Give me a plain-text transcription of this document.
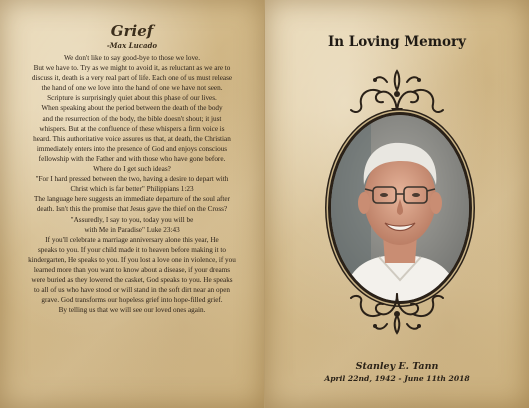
Grief
-Max Lucado
We don't like to say good-bye to those we love.
But we have to. Try as we might to avoid it, as reluctant as we are to
discuss it, death is a very real part of life. Each one of us must release
the hand of one we love into the hand of one we have not seen.
Scripture is surprisingly quiet about this phase of our lives.
When speaking about the period between the death of the body
and the resurrection of the body, the bible doesn't shout; it just
whispers. But at the confluence of these whispers a firm voice is
heard. This authoritative voice assures us that, at death, the Christian
immediately enters into the presence of God and enjoys conscious
fellowship with the Father and with those who have gone before.
Where do I get such ideas?
"For I hard pressed between the two, having a desire to depart with
Christ which is far better" Philippians 1:23
The language here suggests an immediate departure of the soul after
death. Isn't this the promise that Jesus gave the thief on the Cross?
"Assuredly, I say to you, today you will be
with Me in Paradise" Luke 23:43
If you'll celebrate a marriage anniversary alone this year, He
speaks to you. If your child made it to heaven before making it to
kindergarten, He speaks to you. If you lost a love one in violence, if you
learned more than you want to know about a disease, if your dreams
were buried as they lowered the casket, God speaks to you. He speaks
to all of us who have stood or will stand in the soft dirt near an open
grave. God transforms our hopeless grief into hope-filled grief.
By telling us that we will see our loved ones again.
In Loving Memory
Stanley E. Tann
April 22nd, 1942 - June 11th 2018
